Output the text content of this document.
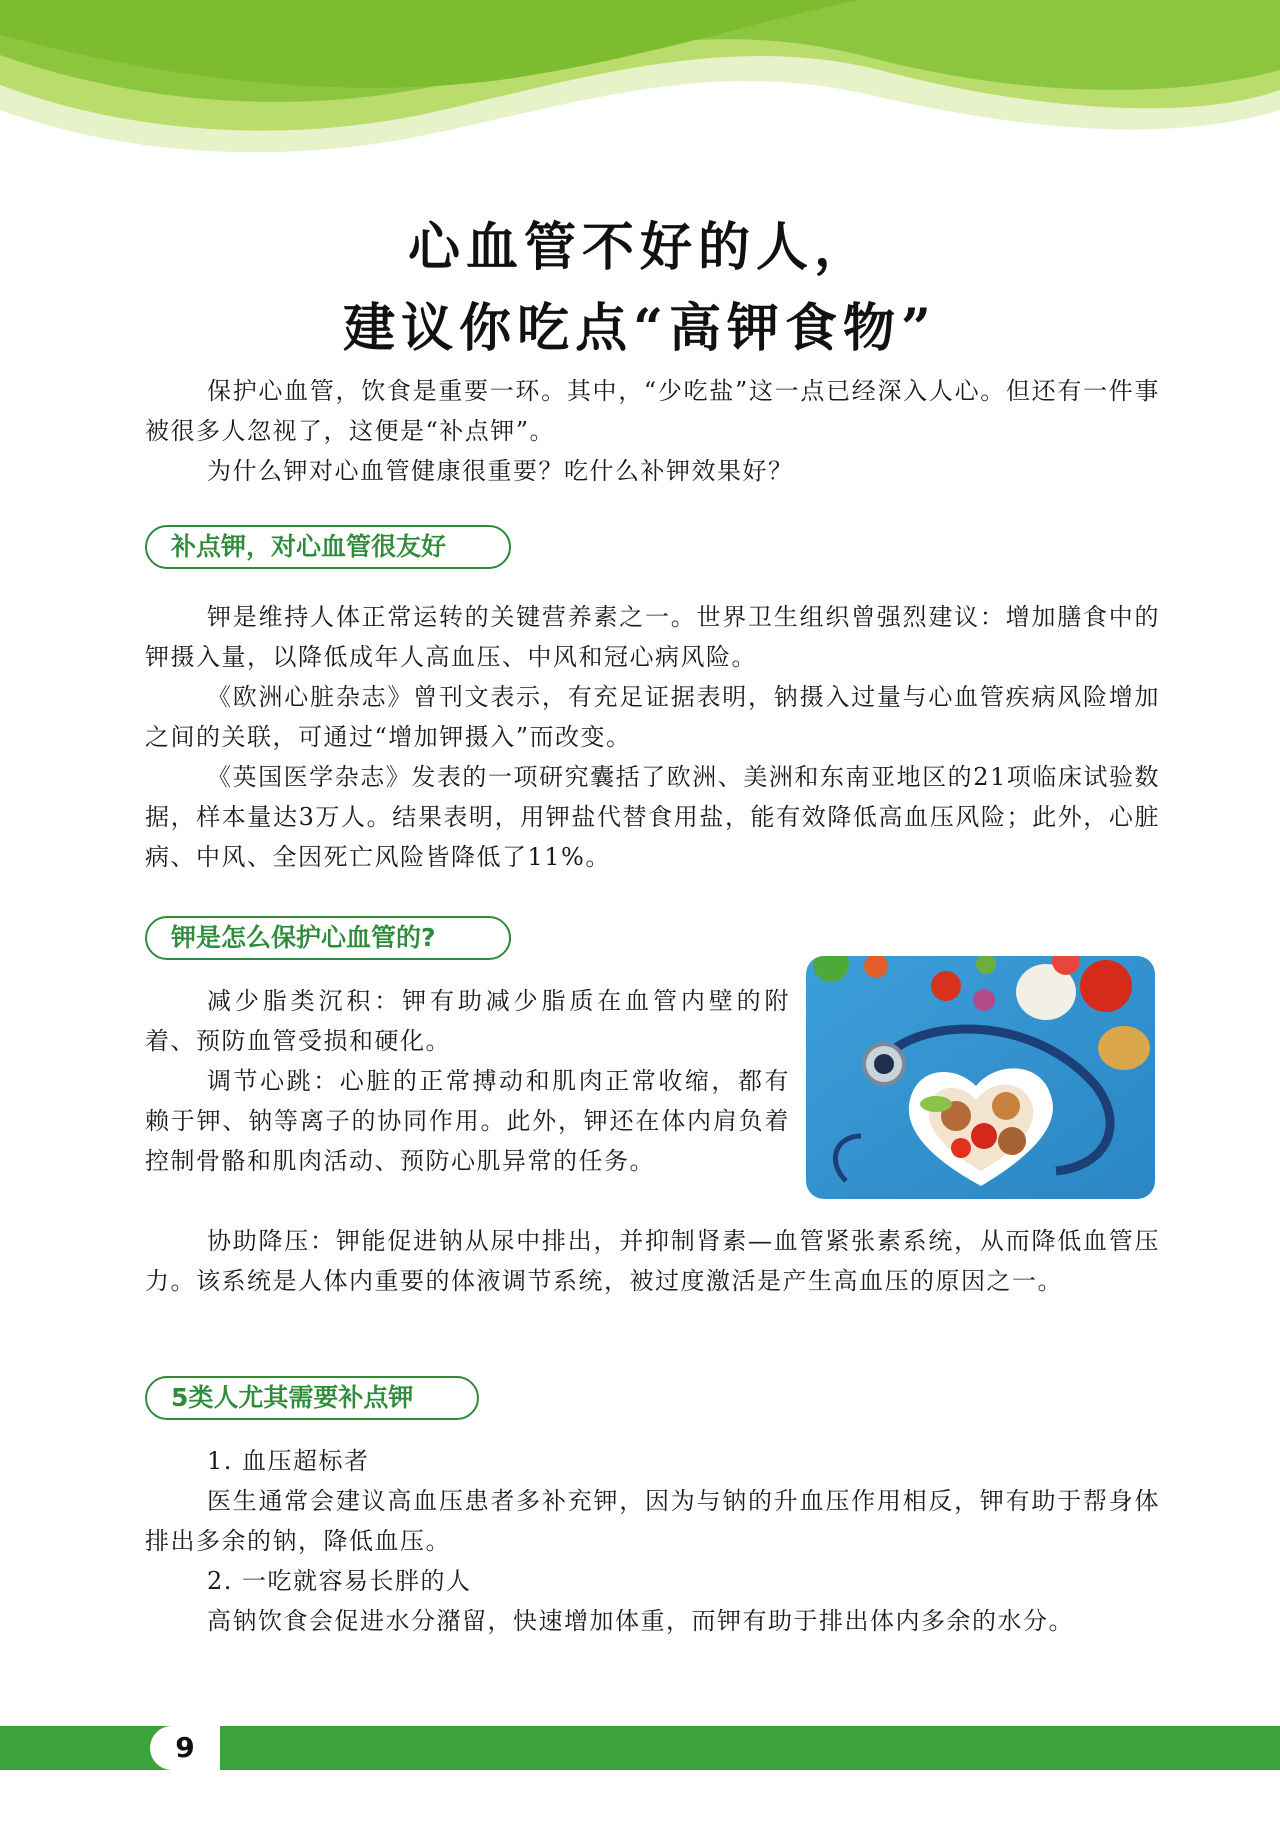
心血管不好的人，
建议你吃点“高钾食物”

保护心血管，饮食是重要一环。其中，“少吃盐”这一点已经深入人心。但还有一件事被很多人忽视了，这便是“补点钾”。

为什么钾对心血管健康很重要？吃什么补钾效果好？

补点钾，对心血管很友好

钾是维持人体正常运转的关键营养素之一。世界卫生组织曾强烈建议：增加膳食中的钾摄入量，以降低成年人高血压、中风和冠心病风险。

《欧洲心脏杂志》曾刊文表示，有充足证据表明，钠摄入过量与心血管疾病风险增加之间的关联，可通过“增加钾摄入”而改变。

《英国医学杂志》发表的一项研究囊括了欧洲、美洲和东南亚地区的21项临床试验数据，样本量达3万人。结果表明，用钾盐代替食用盐，能有效降低高血压风险；此外，心脏病、中风、全因死亡风险皆降低了11%。

钾是怎么保护心血管的?

减少脂类沉积：钾有助减少脂质在血管内壁的附着、预防血管受损和硬化。

调节心跳：心脏的正常搏动和肌肉正常收缩，都有赖于钾、钠等离子的协同作用。此外，钾还在体内肩负着控制骨骼和肌肉活动、预防心肌异常的任务。

协助降压：钾能促进钠从尿中排出，并抑制肾素—血管紧张素系统，从而降低血管压力。该系统是人体内重要的体液调节系统，被过度激活是产生高血压的原因之一。

5类人尤其需要补点钾

1. 血压超标者

医生通常会建议高血压患者多补充钾，因为与钠的升血压作用相反，钾有助于帮身体排出多余的钠，降低血压。

2. 一吃就容易长胖的人

高钠饮食会促进水分潴留，快速增加体重，而钾有助于排出体内多余的水分。

9
